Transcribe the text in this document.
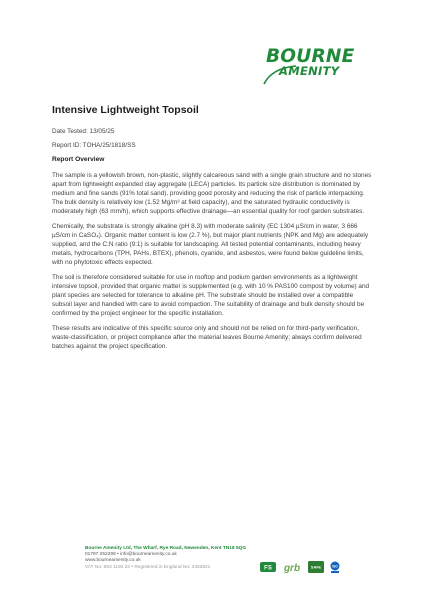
BOURNE
AMENITY
Intensive Lightweight Topsoil
Date Tested: 13/05/25
Report ID: TOHA/25/1818/SS
Report Overview

The sample is a yellowish brown, non-plastic, slightly calcareous sand with a single grain structure and no stones apart from lightweight expanded clay aggregate (LECA) particles. Its particle size distribution is dominated by medium and fine sands (91% total sand), providing good porosity and reducing the risk of particle interpacking. The bulk density is relatively low (1.52 Mg/m³ at field capacity), and the saturated hydraulic conductivity is moderately high (63 mm/h), which supports effective drainage—an essential quality for roof garden substrates.

Chemically, the substrate is strongly alkaline (pH 8.3) with moderate salinity (EC 1304 µS/cm in water, 3 666 µS/cm in CaSO₄). Organic matter content is low (2.7 %), but major plant nutrients (NPK and Mg) are adequately supplied, and the C:N ratio (9:1) is suitable for landscaping. All tested potential contaminants, including heavy metals, hydrocarbons (TPH, PAHs, BTEX), phenols, cyanide, and asbestos, were found below guideline limits, with no phytotoxic effects expected.

The soil is therefore considered suitable for use in rooftop and podium garden environments as a lightweight intensive topsoil, provided that organic matter is supplemented (e.g. with 10 % PAS100 compost by volume) and plant species are selected for tolerance to alkaline pH. The substrate should be installed over a compatible subsoil layer and handled with care to avoid compaction. The suitability of drainage and bulk density should be confirmed by the project engineer for the specific installation.

These results are indicative of this specific source only and should not be relied on for third-party verification, waste-classification, or project compliance after the material leaves Bourne Amenity; always confirm delivered batches against the project specification.

Bourne Amenity Ltd, The Wharf, Rye Road, Newenden, Kent TN18 5QG
01797 252299 • info@bourneamenity.co.uk
www.bourneamenity.co.uk
VAT No: 863 1190 22 • Registered in England No: 3453821	FS grb	SAFE	ISO
